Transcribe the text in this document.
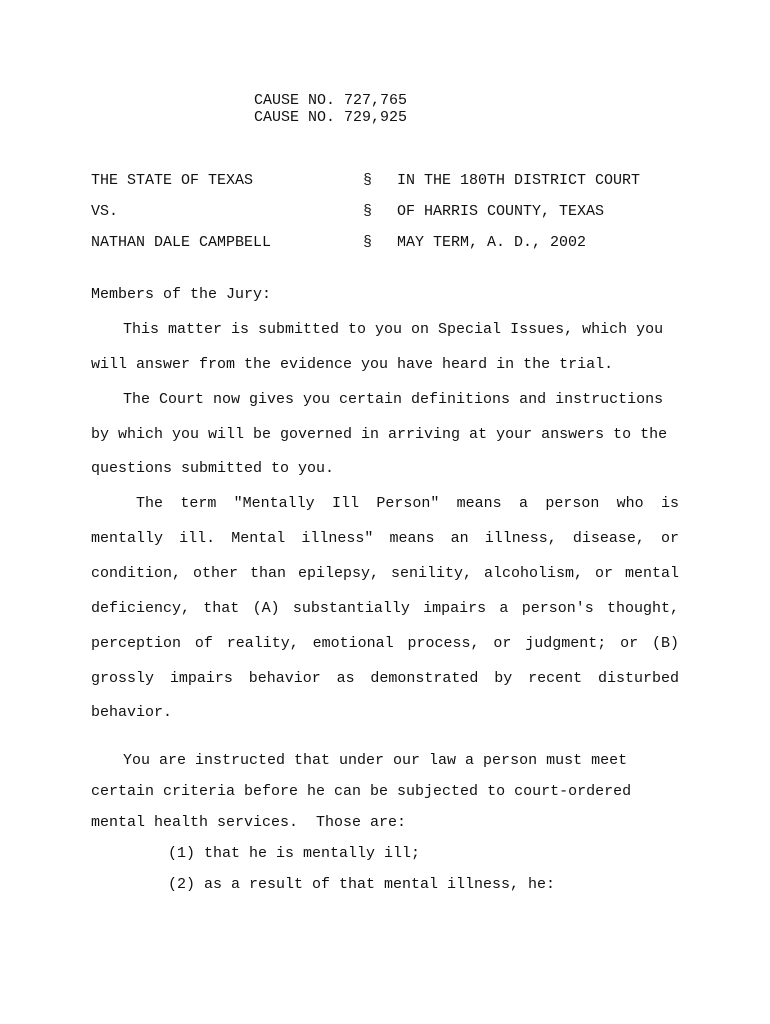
CAUSE NO. 727,765
CAUSE NO. 729,925
THE STATE OF TEXAS	§ IN THE 180TH DISTRICT COURT
VS.	§ OF HARRIS COUNTY, TEXAS
NATHAN DALE CAMPBELL	§ MAY TERM, A. D., 2002
Members of the Jury:
This matter is submitted to you on Special Issues, which you
will answer from the evidence you have heard in the trial.
The Court now gives you certain definitions and instructions
by which you will be governed in arriving at your answers to the
questions submitted to you.
The term "Mentally Ill Person" means a person who is
mentally ill. Mental illness" means an illness, disease, or
condition, other than epilepsy, senility, alcoholism, or mental
deficiency, that (A) substantially impairs a person's thought,
perception of reality, emotional process, or judgment; or (B)
grossly impairs behavior as demonstrated by recent disturbed
behavior.
You are instructed that under our law a person must meet
certain criteria before he can be subjected to court-ordered
mental health services.  Those are:
(1) that he is mentally ill;
(2) as a result of that mental illness, he:
